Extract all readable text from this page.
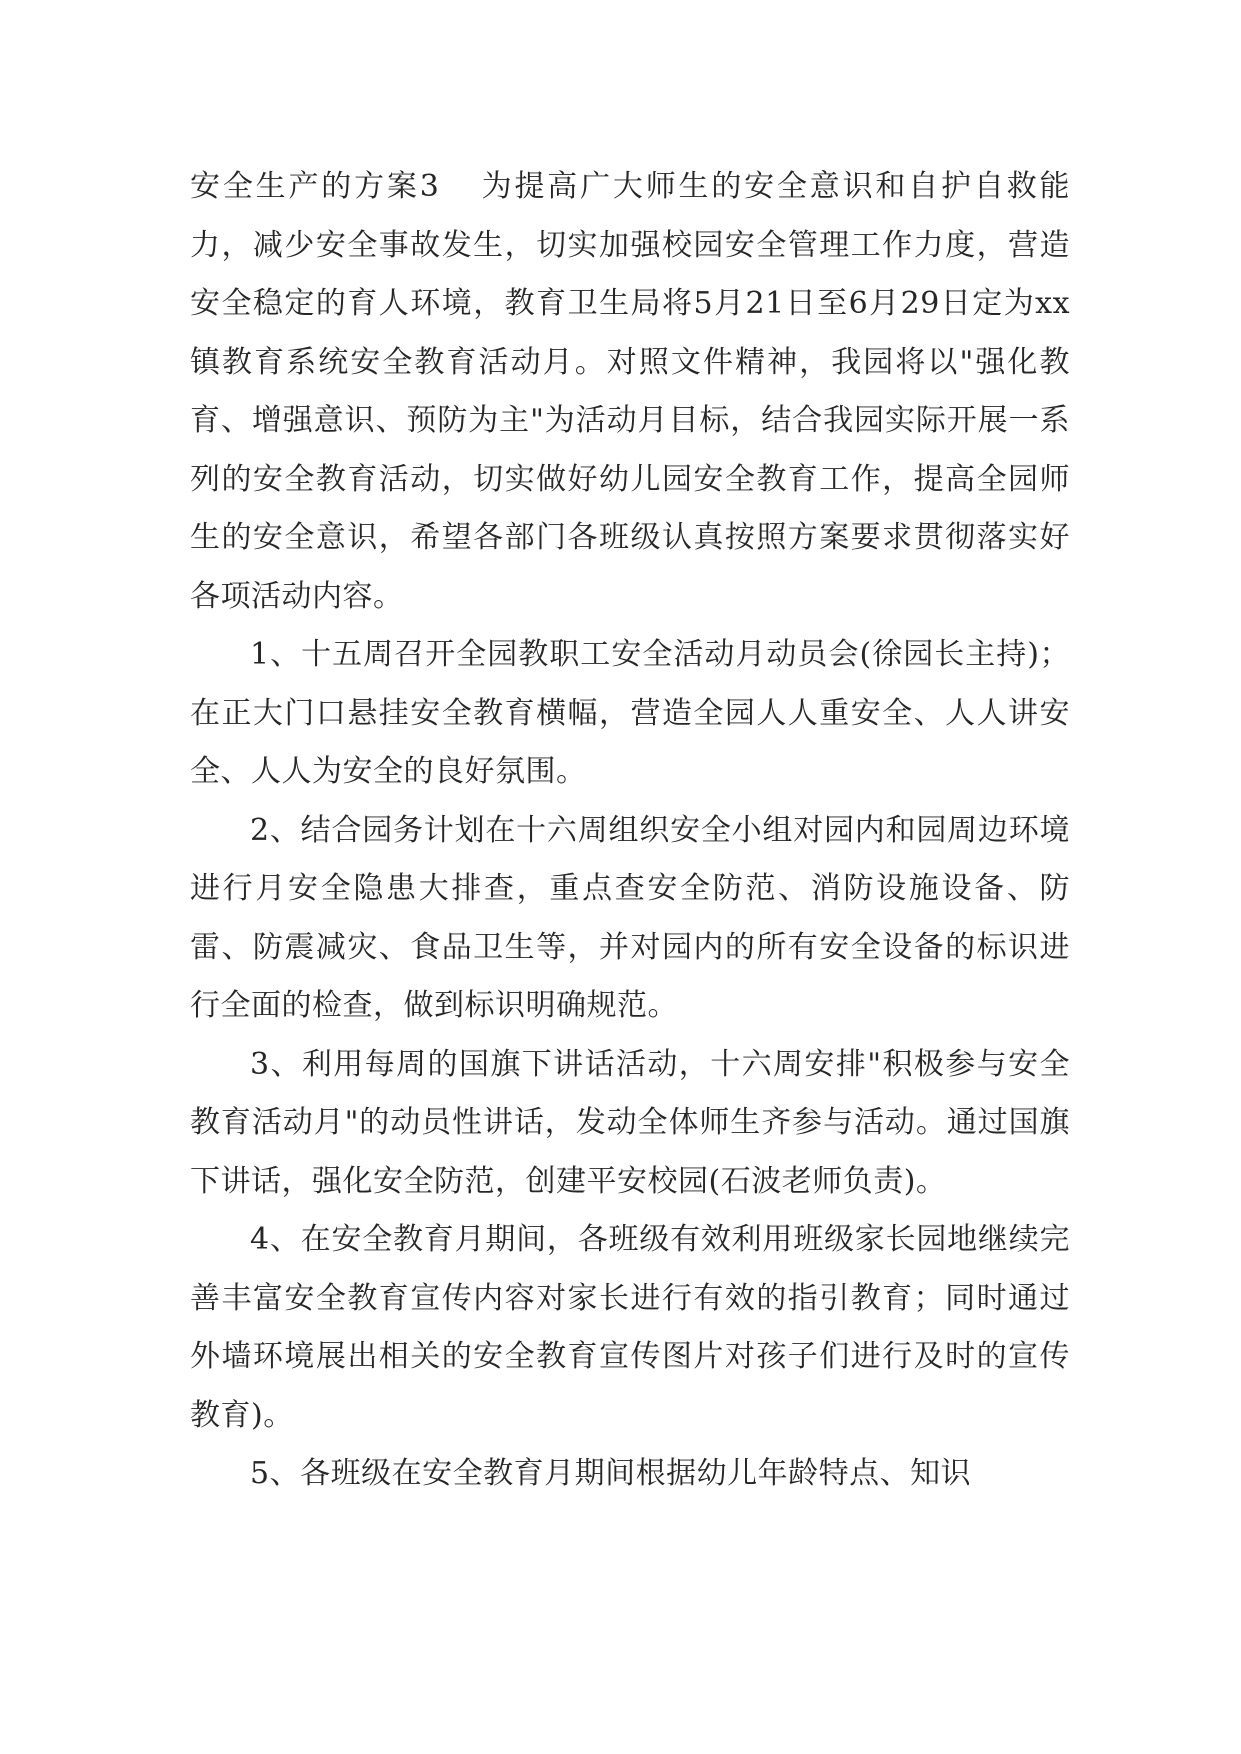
安全生产的方案3 为提高广大师生的安全意识和自护自救能力，减少安全事故发生，切实加强校园安全管理工作力度，营造安全稳定的育人环境，教育卫生局将5月21日至6月29日定为xx镇教育系统安全教育活动月。对照文件精神，我园将以"强化教育、增强意识、预防为主"为活动月目标，结合我园实际开展一系列的安全教育活动，切实做好幼儿园安全教育工作，提高全园师生的安全意识，希望各部门各班级认真按照方案要求贯彻落实好各项活动内容。

1、十五周召开全园教职工安全活动月动员会(徐园长主持)；在正大门口悬挂安全教育横幅，营造全园人人重安全、人人讲安全、人人为安全的良好氛围。

2、结合园务计划在十六周组织安全小组对园内和园周边环境进行月安全隐患大排查，重点查安全防范、消防设施设备、防雷、防震减灾、食品卫生等，并对园内的所有安全设备的标识进行全面的检查，做到标识明确规范。

3、利用每周的国旗下讲话活动，十六周安排"积极参与安全教育活动月"的动员性讲话，发动全体师生齐参与活动。通过国旗下讲话，强化安全防范，创建平安校园(石波老师负责)。

4、在安全教育月期间，各班级有效利用班级家长园地继续完善丰富安全教育宣传内容对家长进行有效的指引教育；同时通过外墙环境展出相关的安全教育宣传图片对孩子们进行及时的宣传教育)。

5、各班级在安全教育月期间根据幼儿年龄特点、知识
